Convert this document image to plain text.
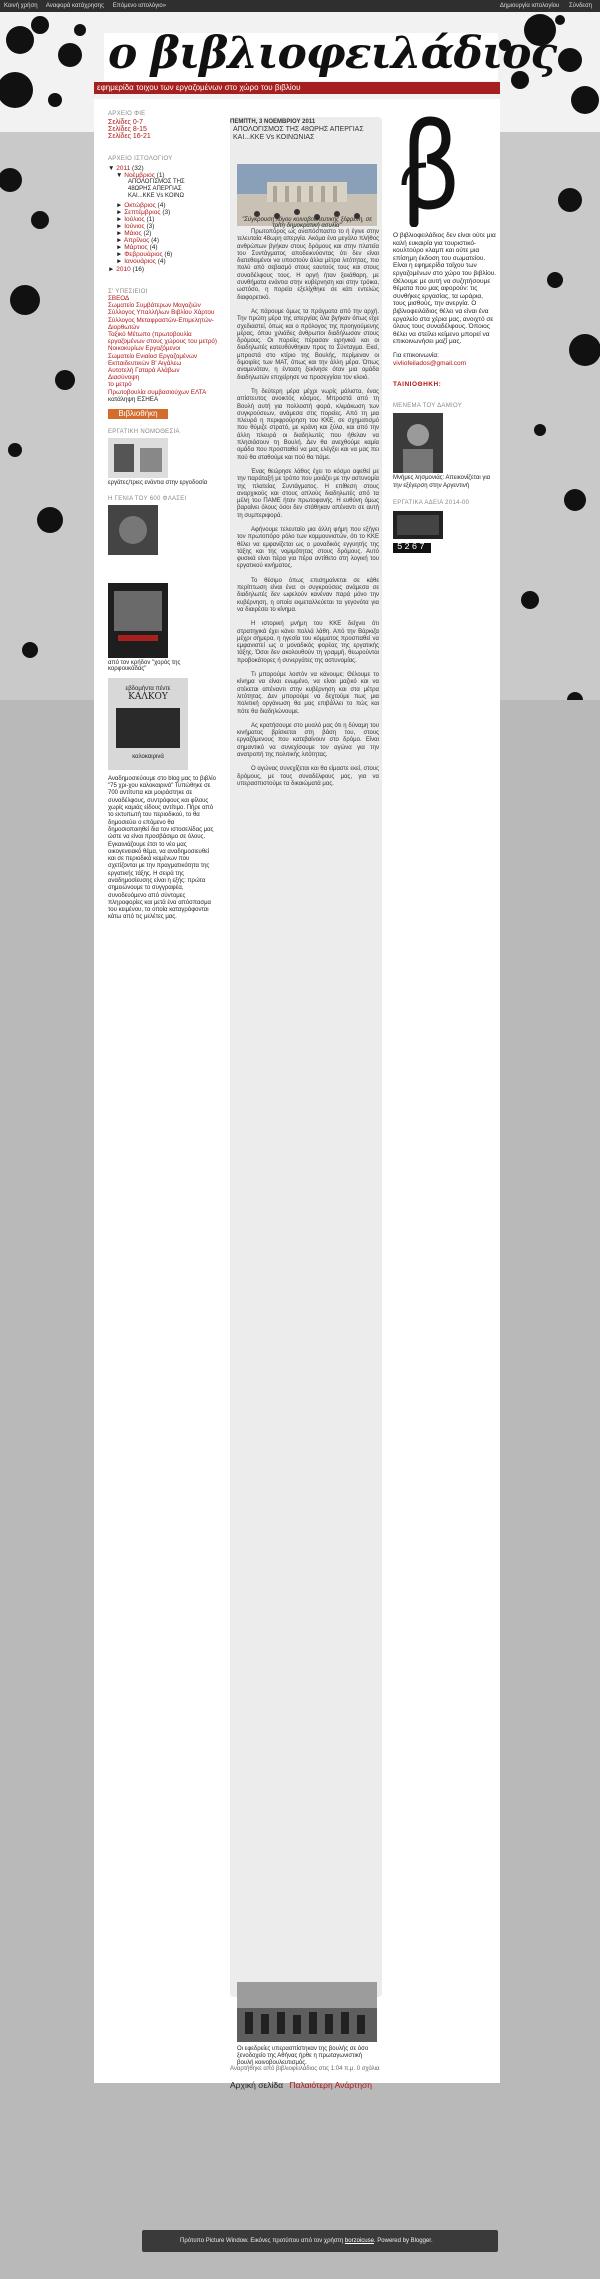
Κοινή χρήση Αναφορά κατάχρησης Επόμενο ιστολόγιο»	Δημιουργία ιστολογίου Σύνδεση
ο βιβλιοφειλάδιος
εφημερίδα τοιχου των εργαζομένων στο χώρο του βιβλίου
ΑΡΧΕΙΟ ΦΙΕ
Σελίδες 0-7
Σελίδες 8-15
Σελίδες 16-21
ΑΡΧΕΙΟ ΙΣΤΟΛΟΓΙΟΥ
▼ 2011 (32)
▼ Νοέμβριος (1)
ΑΠΟΛΟΓΙΣΜΟΣ ΤΗΣ 48ΩΡΗΣ ΑΠΕΡΓΙΑΣ ΚΑΙ...ΚΚΕ Vs ΚΟΙΝΩ
► Οκτώβριος (4)
► Σεπτέμβριος (3)
► Ιούλιος (1)
► Ιούνιος (3)
► Μάιος (2)
► Απρίλιος (4)
► Μάρτιος (4)
► Φεβρουάριος (6)
► Ιανουάριος (4)
► 2010 (16)
Σ' ΥΠΕΣΙΕΙΟΙ
ΣΒΕΟΔ
Σωματείο Συμβάτερων Μαγαζιών
Σύλλογος Υπαλλήλων Βιβλίου Χάρτου
Σύλλογος Μεταφραστών-Επιμελητών-Διορθωτών
Ταξικό Μέτωπο (πρωτοβουλία εργαζομένων στους χώρους του μετρό)
Νοικοκυρίων Εργαζόμενοι
Σωματείο Ενιαίοσ Εργαζομένων Εκπαιδευτικών Β' Αιγάλεω
Αυτοτελή Γαταρά Αλάβων
Διασύνοψη
το μετρό
Πρωτοβουλία συμβασιούχων ΕΛΤΑ
κατάληψη ΕΣΗΕΑ
Βιβλιοθήκη
ΕΡΓΑΤΙΚΗ ΝΟΜΟΘΕΣΙΑ
εργάτες/τριες ενάντια στην εργοδοσία
Η ΓΕΝΙΑ ΤΟΥ 600 ΦΛΑΣΕΙ
από τον κρήδον "χορός της κορφουκάδας"
εβδομήντα πέντε
ΚΑΛΚΟΥ
καλοκαιρινά
Αναδημοσιεύουμε στο blog μας το βιβλίο "75 χρι-χου καλοκαιρινά" Τυπώθηκε σε 700 αντίτυπα και μοιράστηκε σε συναδέλφους, συντρόφους και φίλους χωρίς καμιάς είδους αντίτιμο. Πήρε από το εκτυπωτή του περιοδικού, το θα δημοσιεύει ο επόμενο θα δημοσιοποιηθεί δια τον ιστοσελίδας μας ώστε να είναι προσβάσιμο σε όλους. Εγκαινιάζουμε έτσι το νέο μας οικογενειακό θέμα, να αναδημοσιευθεί και σε περιοδικά κειμένων που σχετίζονται με την πραγματικότητα της εργατικής τάξης. Η σειρά της αναδημοσίευσης είναι η εξής: πρώτα σημειώνουμε το συγγραφέα, συνοδευόμενο από σύντομες πληροφορίες και μετά ένα απόσπασμα του κειμένου, τα οποία καταγράφονται κάτω από τις μελέτες μας.
ΠΕΜΠΤΗ, 3 ΝΟΕΜΒΡΙΟΥ 2011
ΑΠΟΛΟΓΙΣΜΟΣ ΤΗΣ 48ΩΡΗΣ ΑΠΕΡΓΙΑΣ ΚΑΙ...ΚΚΕ Vs ΚΟΙΝΩΝΙΑΣ
"Σύγκρουση λόγου κοινοβουλευτικής ξέφρενη, σε τρίτη δημοκρατική ασυλία"

Πρωτοπόρος ως αναπόσπαστο το ή έγινε στην τελευταία 48ωρη απεργία. Ακόμα ένα μεγάλο πλήθος ανθρώπων βγήκαν στους δρόμους και στην πλατεία του Συντάγματος αποδεικνύοντας ότι δεν είναι διατεθειμένοι να υποστούν άλλα μέτρα λιτότητας, πιο πολύ από σεβασμό στους εαυτούς τους και στους συναδέλφους τους. Η οργή ήταν ξεκάθαρη, με συνθήματα ενάντια στην κυβέρνηση και στην τρόικα, ωστόσο, η πορεία εξελίχθηκε σε κάτι εντελώς διαφορετικό.

Ας πάρουμε όμως τα πράγματα από την αρχή. Την πρώτη μέρα της απεργίας όλα βγήκαν όπως είχε σχεδιαστεί, όπως και ο πρόλογος της προηγούμενης μέρας, όπου χιλιάδες άνθρωποι διαδήλωσαν στους δρόμους. Οι πορείες πέρασαν ειρηνικά και οι διαδηλωτές κατευθύνθηκαν προς το Σύνταγμα. Εκεί, μπροστά στο κτίριο της Βουλής, περίμεναν οι διμοιρίες των ΜΑΤ, όπως και την άλλη μέρα. Όπως αναμενόταν, η ένταση ξεκίνησε όταν μια ομάδα διαδηλωτών επιχείρησε να προσεγγίσει τον κλοιό.

Τη δεύτερη μέρα μέχρι νωρίς μάλιστα, ένας απίστευτος ανοικτός κόσμος. Μπροστά από τη Βουλή αυτή για πολλοστή φορά, κλιμάκωση των συγκρούσεων, ανάμεσα στις πορείες. Από τη μια πλευρά η περιφρούρηση του ΚΚΕ, σε σχηματισμό που θύμιζε στρατό, με κράνη και ξύλα, και από την άλλη πλευρά οι διαδηλωτές που ήθελαν να πλησιάσουν τη Βουλή. Δεν θα ανεχθούμε καμία ομάδα που προσπαθεί να μας ελέγξει και να μας πει πού θα σταθούμε και πού θα πάμε.

Ένας θεώρησε λάθος έχει το κόσμο αφεθεί με την παράταξή με τρόπο που μοιάζει με την αστυνομία της πλατείας Συντάγματος. Η επίθεση στους αναρχικούς και στους απλούς διαδηλωτές από τα μέλη του ΠΑΜΕ ήταν πρωτοφανής. Η ευθύνη όμως βαραίνει όλους όσοι δεν στάθηκαν απέναντι σε αυτή τη συμπεριφορά.

Αφήνουμε τελευταίο μια άλλη φήμη που εξήγει τον πρωτοπόρο ρόλο των κομμουνιστών, ότι το ΚΚΕ θέλει να εμφανίζεται ως ο μοναδικός εγγυητής της τάξης και της νομιμότητας στους δρόμους. Αυτό φυσικά είναι πέρα για πέρα αντίθετο στη λογική του εργατικού κινήματος.

Το θέσιμο όπως επισημαίνεται σε κάθε περίπτωση είναι ένα: οι συγκρούσεις ανάμεσα σε διαδηλωτές δεν ωφελούν κανέναν παρά μόνο την κυβέρνηση, η οποία εκμεταλλεύεται τα γεγονότα για να διαιρέσει το κίνημα.

Η ιστορική μνήμη του ΚΚΕ δείχνει ότι στρατηγικά έχει κάνει πολλά λάθη. Από την Βάρκιζα μέχρι σήμερα, η ηγεσία του κόμματος προσπαθεί να εμφανιστεί ως ο μοναδικός φορέας της εργατικής τάξης. Όσοι δεν ακολουθούν τη γραμμή, θεωρούνται προβοκάτορες ή συνεργάτες της αστυνομίας.

Τι μπορούμε λοιπόν να κάνουμε; Θέλουμε το κίνημα να είναι ενωμένο, να είναι μαζικό και να στέκεται απέναντι στην κυβέρνηση και στα μέτρα λιτότητας. Δεν μπορούμε να δεχτούμε πως μια πολιτική οργάνωση θα μας επιβάλλει το πώς και πότε θα διαδηλώνουμε.

Ας κρατήσουμε στο μυαλό μας ότι η δύναμη του κινήματος βρίσκεται στη βάση του, στους εργαζόμενους που κατεβαίνουν στο δρόμο. Είναι σημαντικό να συνεχίσουμε τον αγώνα για την ανατροπή της πολιτικής λιτότητας.

Ο αγώνας συνεχίζεται και θα είμαστε εκεί, στους δρόμους, με τους συναδέλφους μας, για να υπερασπιστούμε τα δικαιώματά μας.

Οι εφεδρείες υπερασπίστηκαν της βουλής σε όσο ξενοδοχείο της Αθήνας ήρθε η πρωταγωνιστική βουλή κοινοβουλευτισμός.
Αναρτήθηκε από βιβλιοφειλάδιος στις 1:04 π.μ. 0 σχόλια
Ο βιβλιοφειλάδιος δεν είναι ούτε μια καλή ευκαιρία για τουριστικό-κουλτούρο κλαμπ και ούτε μια επίσημη έκδοση του σωματείου. Είναι η εφημερίδα τοίχου των εργαζομένων στο χώρο του βιβλίου. Θέλουμε με αυτή να συζητήσουμε θέματα που μας αφορούν: τις συνθήκες εργασίας, τα ωράρια, τους μισθούς, την ανεργία. Ο βιβλιοφειλάδιος θέλει να είναι ένα εργαλείο στα χέρια μας, ανοιχτό σε όλους τους συναδέλφους. Όποιος θέλει να στείλει κείμενο μπορεί να επικοινωνήσει μαζί μας.
Για επικοινωνία:
vivliofeilados@gmail.com
ΤΑΙΝΙΟΘΗΚΗ:
ΜΕΝΕΜΑ ΤΟΥ ΔΑΜΙΟΥ
Μνήμες λησμονιάς: Απεικονίζεται για την εξέγερση στην Αργεντινή
ΕΡΓΑΤΙΚΑ ΑΔΕΙΑ 2014-00
5267
Αρχική σελίδα Παλαιότερη Ανάρτηση
Πρότυπο Picture Window. Εικόνες προτύπου από τον χρήστη borzoicuse. Powered by Blogger.
